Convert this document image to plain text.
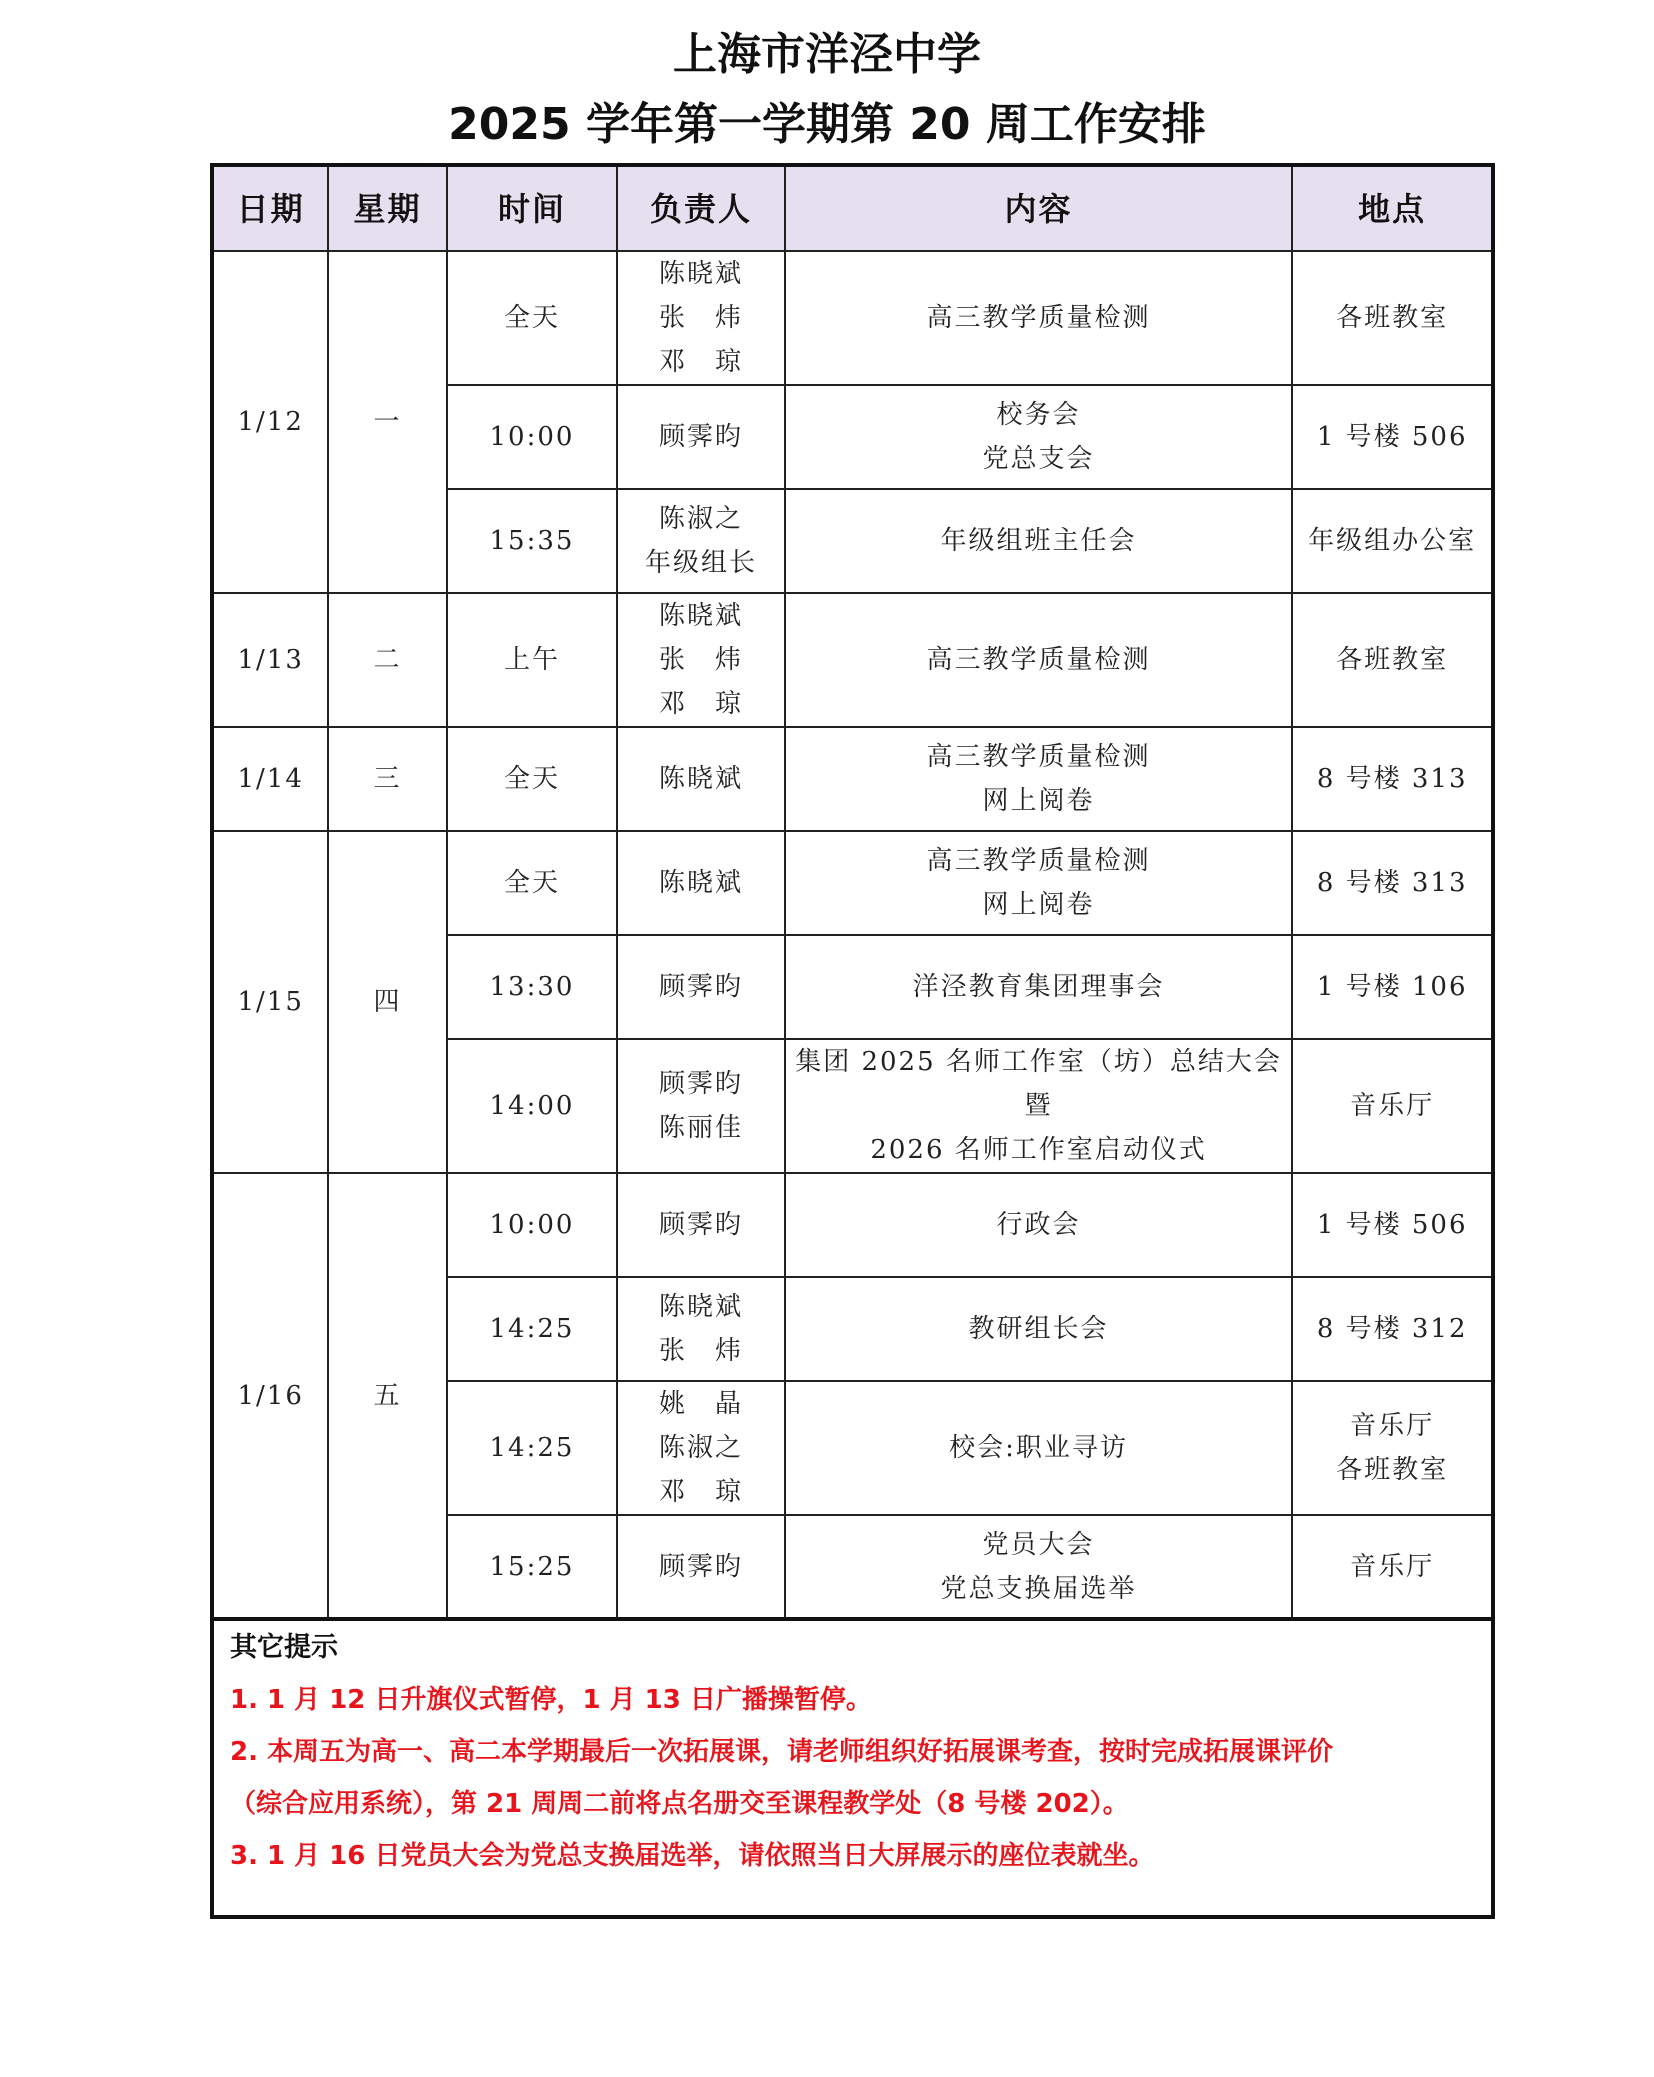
上海市洋泾中学
2025 学年第一学期第 20 周工作安排
日期	星期	时间	负责人	内容	地点
1/12	一	全天	陈晓斌
张　炜
邓　琼	高三教学质量检测	各班教室

		10:00	顾霁昀	校务会
党总支会	1 号楼 506

		15:35	陈淑之
年级组长	年级组班主任会	年级组办公室

1/13	二	上午	陈晓斌
张　炜
邓　琼	高三教学质量检测	各班教室

1/14	三	全天	陈晓斌	高三教学质量检测
网上阅卷	8 号楼 313

1/15	四	全天	陈晓斌	高三教学质量检测
网上阅卷	8 号楼 313

		13:30	顾霁昀	洋泾教育集团理事会	1 号楼 106

		14:00	顾霁昀
陈丽佳	集团 2025 名师工作室（坊）总结大会暨
2026 名师工作室启动仪式	音乐厅

1/16	五	10:00	顾霁昀	行政会	1 号楼 506

		14:25	陈晓斌
张　炜	教研组长会	8 号楼 312

		14:25	姚　晶
陈淑之
邓　琼	校会:职业寻访	音乐厅
各班教室

		15:25	顾霁昀	党员大会
党总支换届选举	音乐厅
其它提示
1. 1 月 12 日升旗仪式暂停，1 月 13 日广播操暂停。
2. 本周五为高一、高二本学期最后一次拓展课，请老师组织好拓展课考查，按时完成拓展课评价
（综合应用系统），第 21 周周二前将点名册交至课程教学处（8 号楼 202）。
3. 1 月 16 日党员大会为党总支换届选举，请依照当日大屏展示的座位表就坐。
